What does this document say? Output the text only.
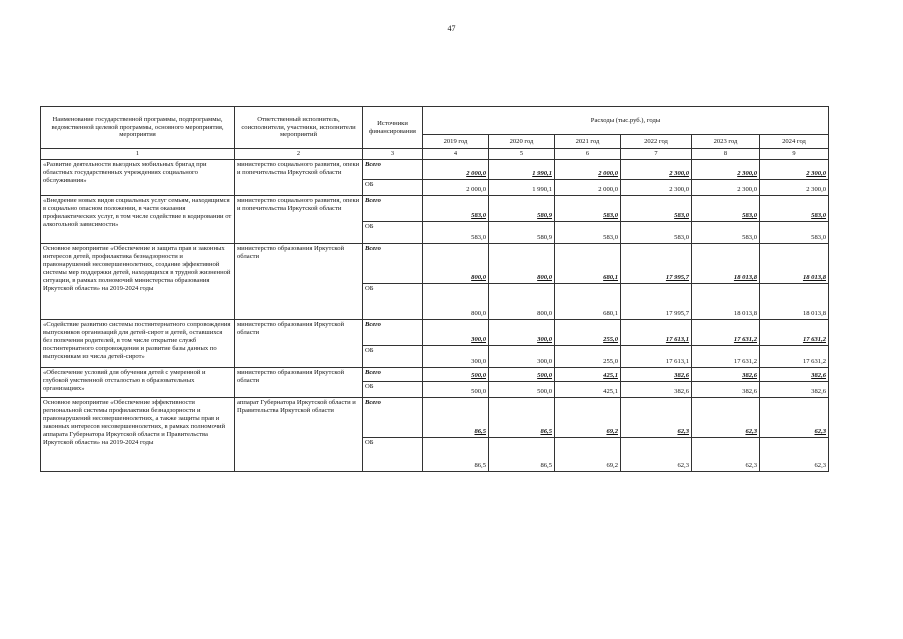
47
Наименование государственной программы, подпрограммы, ведомственной целевой программы, основного мероприятия, мероприятия	Ответственный исполнитель, соисполнители, участники, исполнители мероприятий	Источники финансирования	Расходы (тыс.руб.), годы					
			2019 год	2020 год	2021 год	2022 год	2023 год	2024 год
1	2	3	4	5	6	7	8	9
«Развитие деятельности выездных мобильных бригад при областных государственных учреждениях социального обслуживания»	министерство социального развития, опеки и попечительства Иркутской области	Всего	2 000,0	1 990,1	2 000,0	2 300,0	2 300,0	2 300,0
		ОБ	2 000,0	1 990,1	2 000,0	2 300,0	2 300,0	2 300,0
«Внедрение новых видов социальных услуг семьям, находящимся в социально опасном положении, в части оказания профилактических услуг, в том числе содействие в кодировании от алкогольной зависимости»	министерство социального развития, опеки и попечительства Иркутской области	Всего	583,0	580,9	583,0	583,0	583,0	583,0
		ОБ	583,0	580,9	583,0	583,0	583,0	583,0
Основное мероприятие «Обеспечение и защита прав и законных интересов детей, профилактика безнадзорности и правонарушений несовершеннолетних, создание эффективной системы мер поддержки детей, находящихся в трудной жизненной ситуации, в рамках полномочий министерства образования Иркутской области» на 2019-2024 годы	министерство образования Иркутской области	Всего	800,0	800,0	680,1	17 995,7	18 013,8	18 013,8
		ОБ	800,0	800,0	680,1	17 995,7	18 013,8	18 013,8
«Содействие развитию системы постинтернатного сопровождения выпускников организаций для детей-сирот и детей, оставшихся без попечения родителей, в том числе открытие служб постинтернатного сопровождения и развитие базы данных по выпускникам из числа детей-сирот»	министерство образования Иркутской области	Всего	300,0	300,0	255,0	17 613,1	17 631,2	17 631,2
		ОБ	300,0	300,0	255,0	17 613,1	17 631,2	17 631,2
«Обеспечение условий для обучения детей с умеренной и глубокой умственной отсталостью в образовательных организациях»	министерство образования Иркутской области	Всего	500,0	500,0	425,1	382,6	382,6	382,6
		ОБ	500,0	500,0	425,1	382,6	382,6	382,6
Основное мероприятие «Обеспечение эффективности региональной системы профилактики безнадзорности и правонарушений несовершеннолетних, а также защиты прав и законных интересов несовершеннолетних, в рамках полномочий аппарата Губернатора Иркутской области и Правительства Иркутской области» на 2019-2024 годы	аппарат Губернатора Иркутской области и Правительства Иркутской области	Всего	86,5	86,5	69,2	62,3	62,3	62,3
		ОБ	86,5	86,5	69,2	62,3	62,3	62,3
